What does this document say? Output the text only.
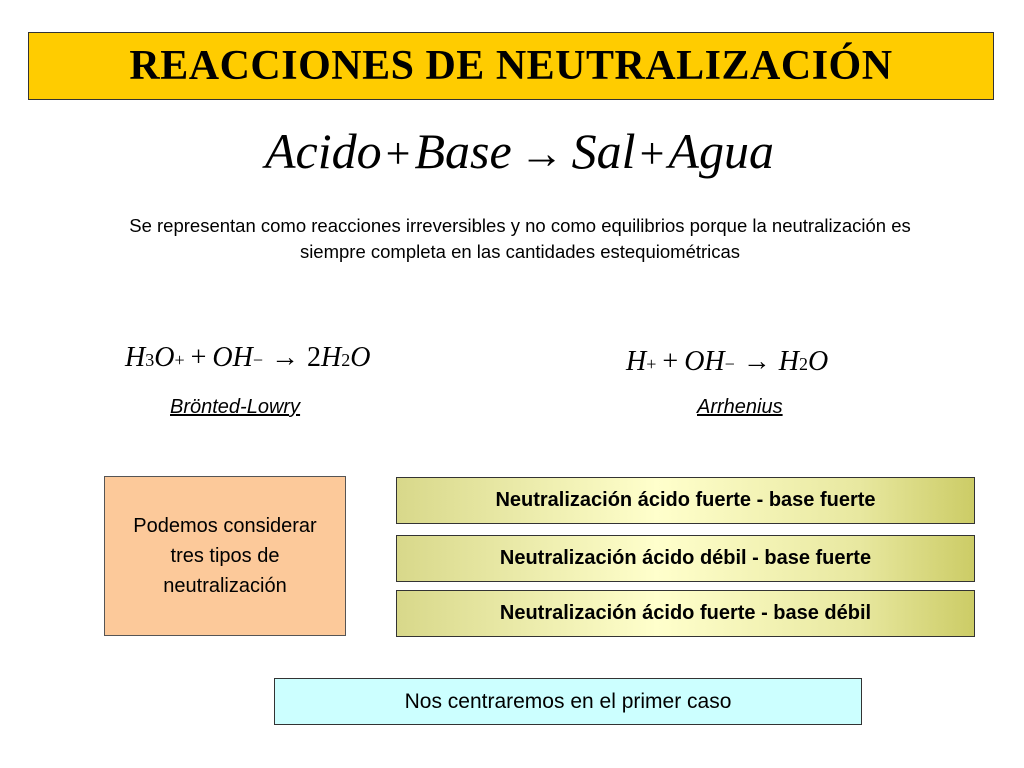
REACCIONES DE NEUTRALIZACIÓN
Acido + Base → Sal + Agua
Se representan como reacciones irreversibles y no como equilibrios porque la neutralización es siempre completa en las cantidades estequiométricas
H 3 O + + OH − → 2 H 2 O
Brönted-Lowry
H + + OH − → H 2 O
Arrhenius
Podemos considerar tres tipos de neutralización
Neutralización ácido fuerte - base fuerte
Neutralización ácido débil - base fuerte
Neutralización ácido fuerte - base débil
Nos centraremos en el primer caso
